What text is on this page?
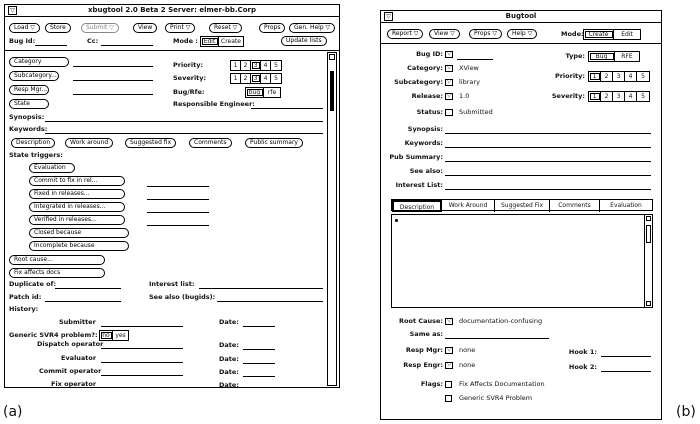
▽	xbugtool 2.0 Beta 2 Server: elmer-bb.Corp
Load ▽	Store	Submit ▽	View	Print ▽	Reset ▽	Props	Gen. Help ▽
Bug Id:	Cc:	Mode : Edit Create	Update lists
Category
Subcategory...
Resp Mgr...
State
Priority:	1	2	3	4	5
Severity:	1	2	3	4	5
Bug/Rfe:	bug	rfe
Responsible Engineer:
Synopsis:
Keywords:
Description	Work around	Suggested fix	Comments	Public summary
State triggers:
Evaluation
Commit to fix in rel...
Fixed in releases...
Integrated in releases...
Verified in releases...
Closed because
Incomplete because
Root cause...
Fix affects docs
Duplicate of:	Interest list:
Patch id:	See also (bugids):
History:
Submitter	Date:
Generic SVR4 problem?: no yes
Dispatch operator	Date:
Evaluator	Date:
Commit operator	Date:
Fix operator	Date:
(a)
▽	Bugtool
Report ▽	View ▽	Props ▽	Help ▽	Mode: Create	Edit
Bug ID: ▽
Category: ▽	XView
Subcategory: ▽	library
Release: ▽	1.0
Type:	Bug	RFE
Priority:	1	2	3	4	5
Severity:	1	2	3	4	5
Status: Submitted
Synopsis:
Keywords:
Pub Summary:
See also:
Interest List:
Description	Work Around	Suggested Fix	Comments	Evaluation
Root Cause: ▽	documentation-confusing
Same as:
Resp Mgr: ▽	none
Resp Engr: ▽	none
Hook 1:
Hook 2:
Flags: Fix Affects Documentation
Generic SVR4 Problem
(b)
